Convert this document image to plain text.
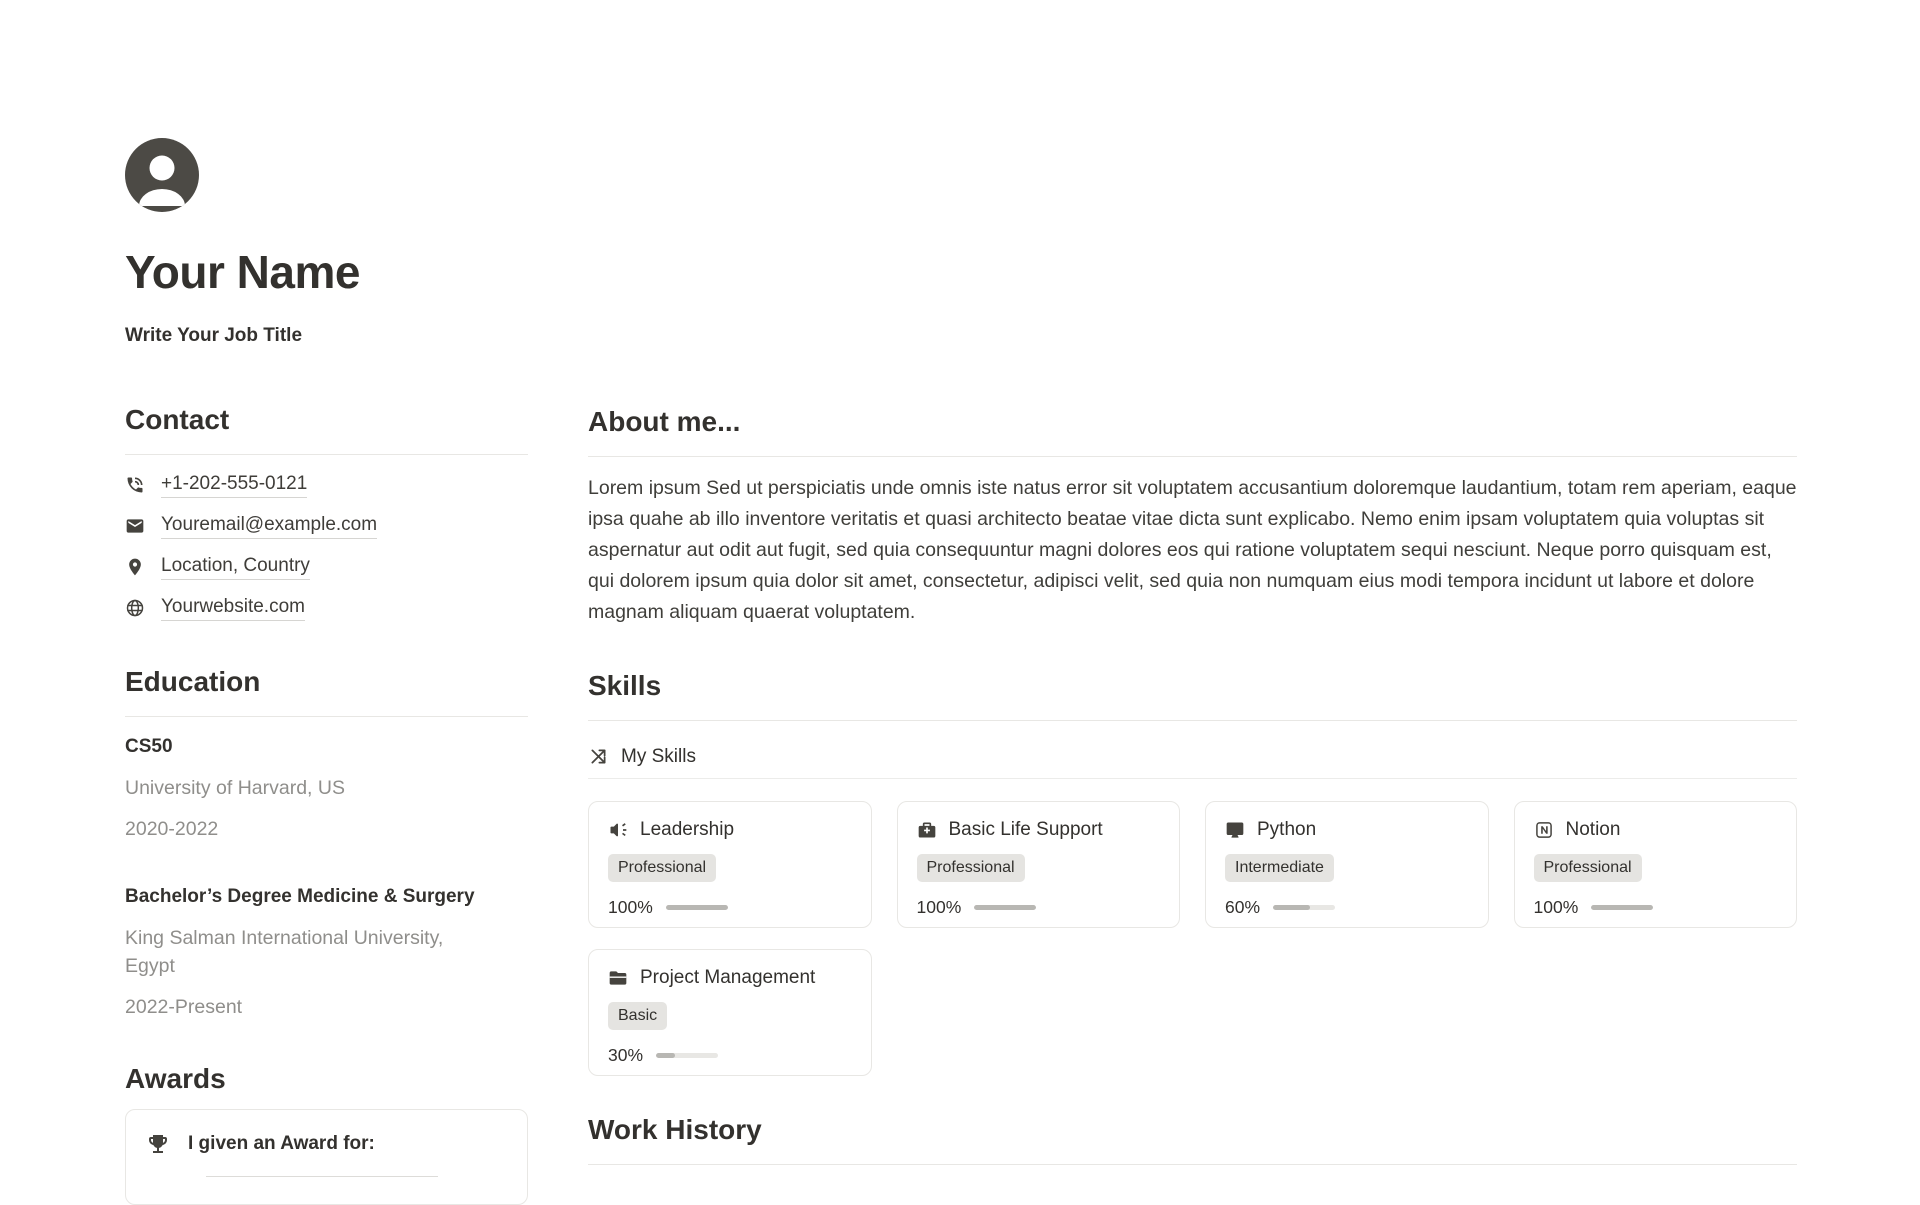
Your Name
Write Your Job Title
Contact
+1-202-555-0121
Youremail@example.com
Location, Country
Yourwebsite.com
Education
CS50
University of Harvard, US
2020-2022
Bachelor’s Degree Medicine & Surgery
King Salman International University, Egypt
2022-Present
Awards
I given an Award for:
About me...
Lorem ipsum Sed ut perspiciatis unde omnis iste natus error sit voluptatem accusantium doloremque laudantium, totam rem aperiam, eaque ipsa quahe ab illo inventore veritatis et quasi architecto beatae vitae dicta sunt explicabo. Nemo enim ipsam voluptatem quia voluptas sit aspernatur aut odit aut fugit, sed quia consequuntur magni dolores eos qui ratione voluptatem sequi nesciunt. Neque porro quisquam est, qui dolorem ipsum quia dolor sit amet, consectetur, adipisci velit, sed quia non numquam eius modi tempora incidunt ut labore et dolore magnam aliquam quaerat voluptatem.
Skills
My Skills
Leadership
Professional
100%
Basic Life Support
Professional
100%
Python
Intermediate
60%
Notion
Professional
100%
Project Management
Basic
30%
Work History
